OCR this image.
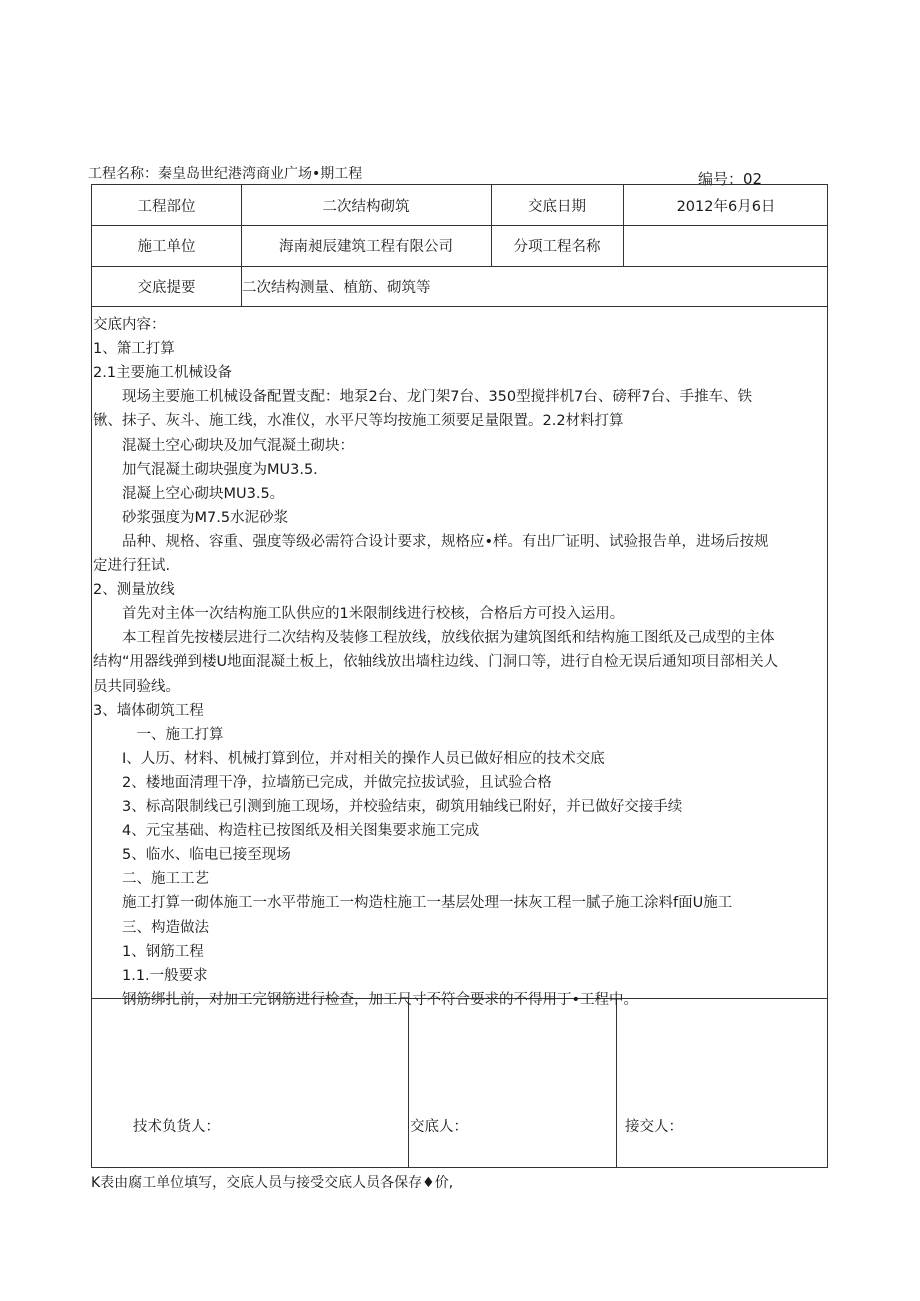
工程名称：秦皇岛世纪港湾商业广场•期工程	编号：02
工程部位	二次结构砌筑	交底日期	2012年6月6日
施工单位	海南昶辰建筑工程有限公司	分项工程名称
交底提要	二次结构测量、植筋、砌筑等
交底内容：
1、箫工打算
2.1主要施工机械设备
　　现场主要施工机械设备配置支配：地泵2台、龙门架7台、350型搅拌机7台、磅秤7台、手推车、铁
锹、抹子、灰斗、施工线，水准仪，水平尺等均按施工须要足量限置。2.2材料打算
　　混凝土空心砌块及加气混凝土砌块：
　　加气混凝土砌块强度为MU3.5.
　　混凝上空心砌块MU3.5。
　　砂浆强度为M7.5水泥砂浆
　　品种、规格、容重、强度等级必需符合设计要求，规格应•样。有出厂证明、试验报告单，进场后按规
定进行狂试.
2、测量放线
　　首先对主体一次结构施工队供应的1米限制线进行校核，合格后方可投入运用。
　　本工程首先按楼层进行二次结构及装修工程放线，放线依据为建筑图纸和结构施工图纸及己成型的主体
结构“用器线弹到楼U地面混凝土板上，依轴线放出墙柱边线、门洞口等，进行自检无误后通知项目部相关人
员共同验线。
3、墙体砌筑工程
　　　一、施工打算
　　I、人历、材料、机械打算到位，并对相关的操作人员已做好相应的技术交底
　　2、楼地面清理干净，拉墙筋已完成，并做完拉拔试验，且试验合格
　　3、标高限制线已引测到施工现场，并校验结束，砌筑用轴线已附好，并已做好交接手续
　　4、元宝基础、构造柱已按图纸及相关图集要求施工完成
　　5、临水、临电已接至现场
　　二、施工工艺
　　施工打算一砌体施工一水平带施工一构造柱施工一基层处理一抹灰工程一腻子施工涂料f面U施工
　　三、构造做法
　　1、钢筋工程
　　1.1.一般要求
　　钢筋绑扎前，对加工完钢筋进行检查，加工尺寸不符合要求的不得用丁•工程中。
技术负货人：	交底人：	接交人：
K表由腐工单位填写，交底人员与接受交底人员各保存♦价,
